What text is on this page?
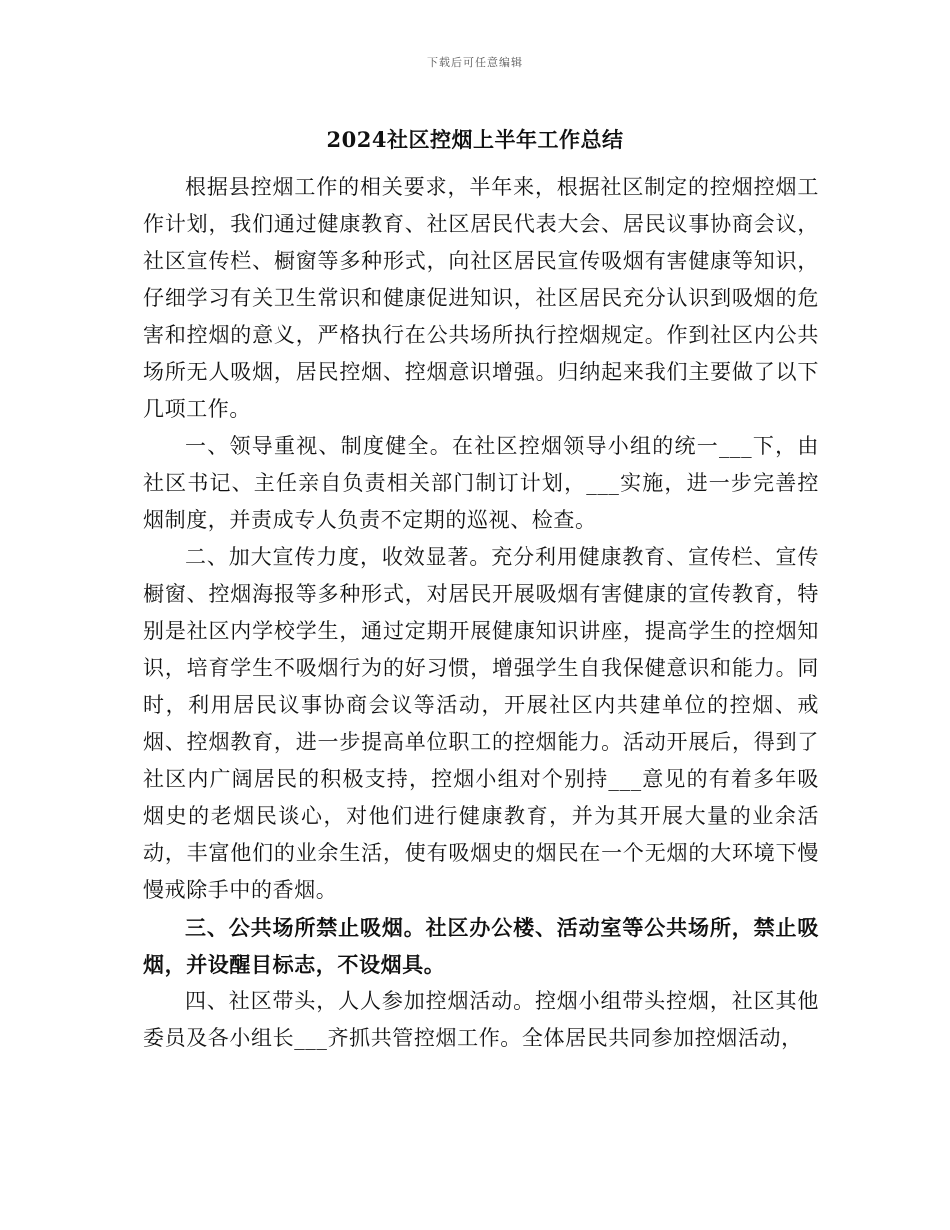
下载后可任意编辑
2024社区控烟上半年工作总结

根据县控烟工作的相关要求，半年来，根据社区制定的控烟控烟工作计划，我们通过健康教育、社区居民代表大会、居民议事协商会议，社区宣传栏、橱窗等多种形式，向社区居民宣传吸烟有害健康等知识，仔细学习有关卫生常识和健康促进知识，社区居民充分认识到吸烟的危害和控烟的意义，严格执行在公共场所执行控烟规定。作到社区内公共场所无人吸烟，居民控烟、控烟意识增强。归纳起来我们主要做了以下几项工作。

一、领导重视、制度健全。在社区控烟领导小组的统一___下，由社区书记、主任亲自负责相关部门制订计划，___实施，进一步完善控烟制度，并责成专人负责不定期的巡视、检查。

二、加大宣传力度，收效显著。充分利用健康教育、宣传栏、宣传橱窗、控烟海报等多种形式，对居民开展吸烟有害健康的宣传教育，特别是社区内学校学生，通过定期开展健康知识讲座，提高学生的控烟知识，培育学生不吸烟行为的好习惯，增强学生自我保健意识和能力。同时，利用居民议事协商会议等活动，开展社区内共建单位的控烟、戒烟、控烟教育，进一步提高单位职工的控烟能力。活动开展后，得到了社区内广阔居民的积极支持，控烟小组对个别持___意见的有着多年吸烟史的老烟民谈心，对他们进行健康教育，并为其开展大量的业余活动，丰富他们的业余生活，使有吸烟史的烟民在一个无烟的大环境下慢慢戒除手中的香烟。

三、公共场所禁止吸烟。社区办公楼、活动室等公共场所，禁止吸烟，并设醒目标志，不设烟具。

四、社区带头，人人参加控烟活动。控烟小组带头控烟，社区其他委员及各小组长___齐抓共管控烟工作。全体居民共同参加控烟活动，
